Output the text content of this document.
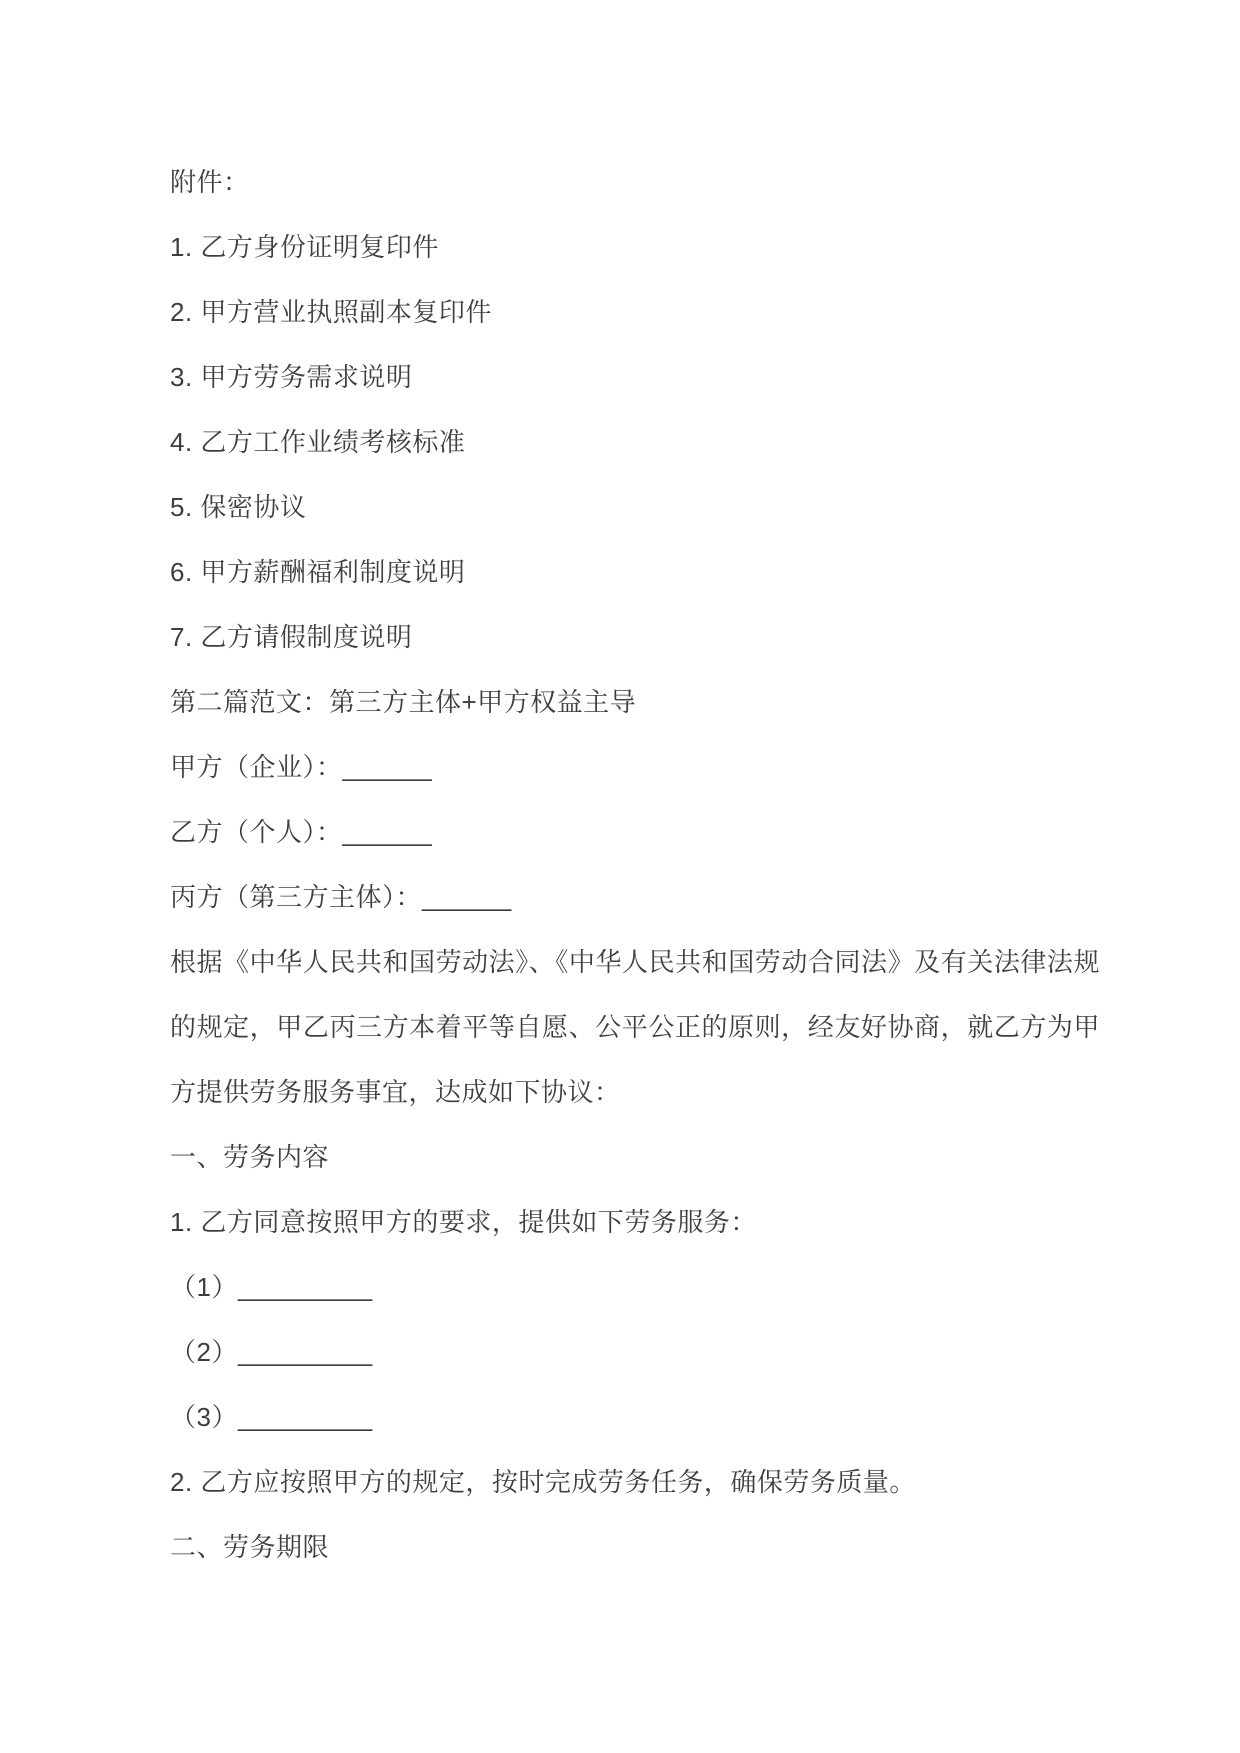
附件：

1. 乙方身份证明复印件

2. 甲方营业执照副本复印件

3. 甲方劳务需求说明

4. 乙方工作业绩考核标准

5. 保密协议

6. 甲方薪酬福利制度说明

7. 乙方请假制度说明

第二篇范文：第三方主体+甲方权益主导

甲方（企业）：______

乙方（个人）：______

丙方（第三方主体）：______

根据《中华人民共和国劳动法》、《中华人民共和国劳动合同法》及有关法律法规的规定，甲乙丙三方本着平等自愿、公平公正的原则，经友好协商，就乙方为甲方提供劳务服务事宜，达成如下协议：

一、劳务内容

1. 乙方同意按照甲方的要求，提供如下劳务服务：

（1）_________

（2）_________

（3）_________

2. 乙方应按照甲方的规定，按时完成劳务任务，确保劳务质量。

二、劳务期限
